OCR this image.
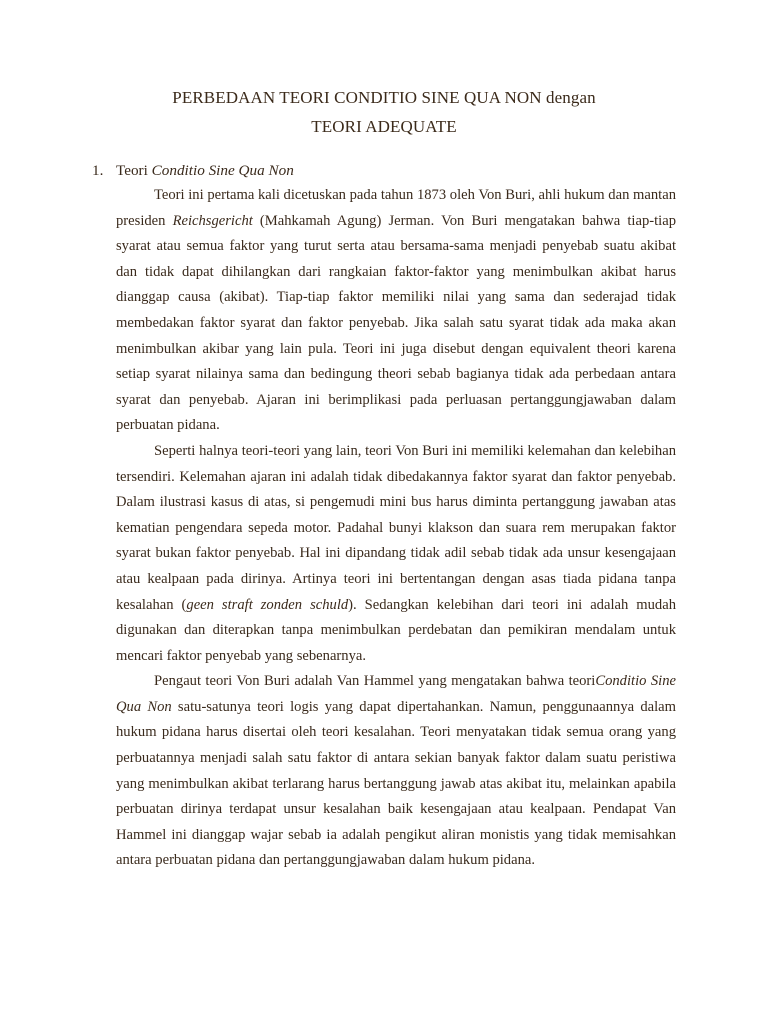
PERBEDAAN TEORI CONDITIO SINE QUA NON dengan
TEORI ADEQUATE
1. Teori Conditio Sine Qua Non

Teori ini pertama kali dicetuskan pada tahun 1873 oleh Von Buri, ahli hukum dan mantan presiden Reichsgericht (Mahkamah Agung) Jerman. Von Buri mengatakan bahwa tiap-tiap syarat atau semua faktor yang turut serta atau bersama-sama menjadi penyebab suatu akibat dan tidak dapat dihilangkan dari rangkaian faktor-faktor yang menimbulkan akibat harus dianggap causa (akibat). Tiap-tiap faktor memiliki nilai yang sama dan sederajad tidak membedakan faktor syarat dan faktor penyebab. Jika salah satu syarat tidak ada maka akan menimbulkan akibar yang lain pula. Teori ini juga disebut dengan equivalent theori karena setiap syarat nilainya sama dan bedingung theori sebab bagianya tidak ada perbedaan antara syarat dan penyebab. Ajaran ini berimplikasi pada perluasan pertanggungjawaban dalam perbuatan pidana.

Seperti halnya teori-teori yang lain, teori Von Buri ini memiliki kelemahan dan kelebihan tersendiri. Kelemahan ajaran ini adalah tidak dibedakannya faktor syarat dan faktor penyebab. Dalam ilustrasi kasus di atas, si pengemudi mini bus harus diminta pertanggung jawaban atas kematian pengendara sepeda motor. Padahal bunyi klakson dan suara rem merupakan faktor syarat bukan faktor penyebab. Hal ini dipandang tidak adil sebab tidak ada unsur kesengajaan atau kealpaan pada dirinya. Artinya teori ini bertentangan dengan asas tiada pidana tanpa kesalahan (geen straft zonden schuld). Sedangkan kelebihan dari teori ini adalah mudah digunakan dan diterapkan tanpa menimbulkan perdebatan dan pemikiran mendalam untuk mencari faktor penyebab yang sebenarnya.

Pengaut teori Von Buri adalah Van Hammel yang mengatakan bahwa teoriConditio Sine Qua Non satu-satunya teori logis yang dapat dipertahankan. Namun, penggunaannya dalam hukum pidana harus disertai oleh teori kesalahan. Teori menyatakan tidak semua orang yang perbuatannya menjadi salah satu faktor di antara sekian banyak faktor dalam suatu peristiwa yang menimbulkan akibat terlarang harus bertanggung jawab atas akibat itu, melainkan apabila perbuatan dirinya terdapat unsur kesalahan baik kesengajaan atau kealpaan. Pendapat Van Hammel ini dianggap wajar sebab ia adalah pengikut aliran monistis yang tidak memisahkan antara perbuatan pidana dan pertanggungjawaban dalam hukum pidana.
